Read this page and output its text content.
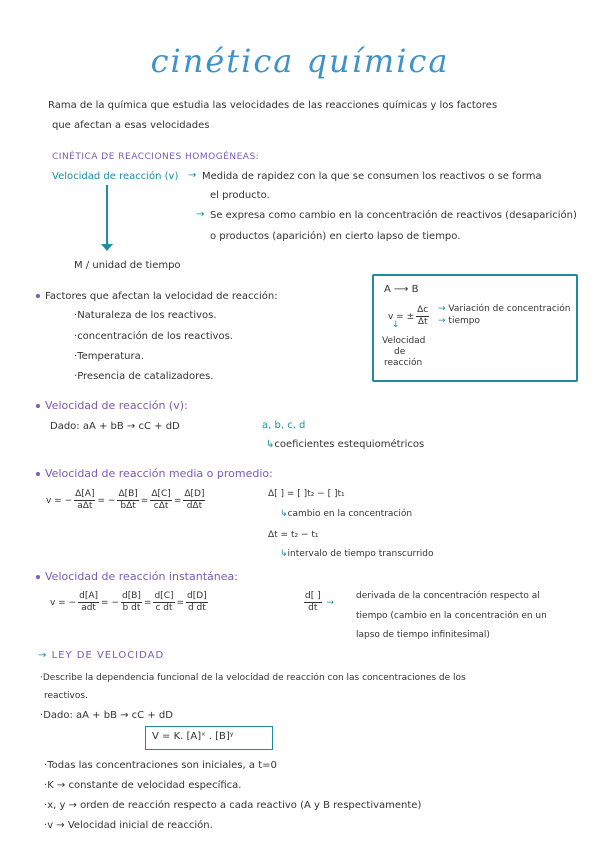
cinética química
Rama de la química que estudia las velocidades de las reacciones químicas y los factores
que afectan a esas velocidades
CINÉTICA DE REACCIONES HOMOGÉNEAS:
Velocidad de reacción (v) → Medida de rapidez con la que se consumen los reactivos o se forma
el producto.
→ Se expresa como cambio en la concentración de reactivos (desaparición)
o productos (aparición) en cierto lapso de tiempo.
M / unidad de tiempo
Factores que afectan la velocidad de reacción:
·Naturaleza de los reactivos.
·concentración de los reactivos.
·Temperatura.
·Presencia de catalizadores.
A ⟶ B
v = ± $\frac{\Delta c}{\Delta t}$ → Variación de concentración
→ tiempo
↓
Velocidad
de
reacción
Velocidad de reacción (v):
Dado: aA + bB → cC + dD	a, b, c, d
↳coeficientes estequiométricos
Velocidad de reacción media o promedio:
v = − $\frac{\Delta[A]}{\text{aΔt}}$ = − $\frac{\Delta[B]}{\text{bΔt}} = \frac{\Delta[C]}{\text{cΔt}} = \frac{\Delta[D]}{\text{dΔt}}$	Δ[ ] = [ ]t₂ − [ ]t₁
↳cambio en la concentración
Δt = t₂ − t₁
↳intervalo de tiempo transcurrido
Velocidad de reacción instantánea:
v = − $\frac{d[A]}{\text{adt}}$ = − $\frac{d[B]}{\text{b dt}} = \frac{d[C]}{\text{c dt}} = \frac{d[D]}{\text{d dt}}$	$\frac{d[ ]}{dt}$ →
derivada de la concentración respecto al
tiempo (cambio en la concentración en un
lapso de tiempo infinitesimal)
→ LEY DE VELOCIDAD
·Describe la dependencia funcional de la velocidad de reacción con las concentraciones de los
reactivos.
·Dado: aA + bB → cC + dD
V = K. [A]ˣ . [B]ʸ
·Todas las concentraciones son iniciales, a t=0
·K → constante de velocidad específica.
·x, y → orden de reacción respecto a cada reactivo (A y B respectivamente)
·v → Velocidad inicial de reacción.
